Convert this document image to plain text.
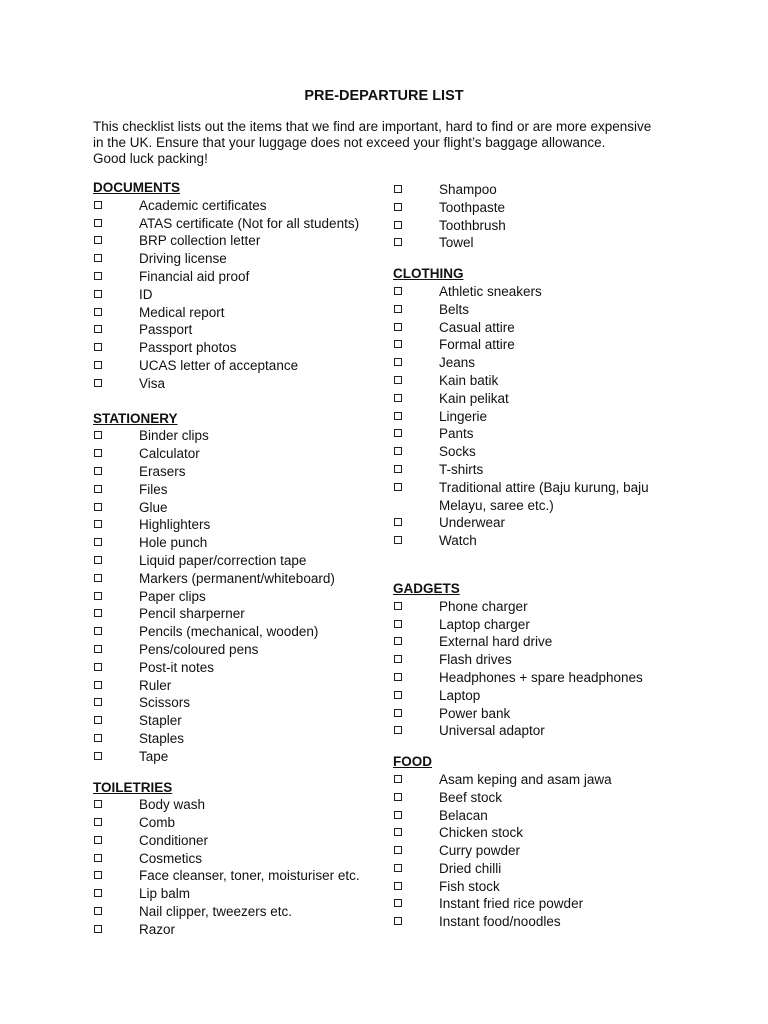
PRE-DEPARTURE LIST
This checklist lists out the items that we find are important, hard to find or are more expensive
in the UK. Ensure that your luggage does not exceed your flight’s baggage allowance.
Good luck packing!
DOCUMENTS
Academic certificates
ATAS certificate (Not for all students)
BRP collection letter
Driving license
Financial aid proof
ID
Medical report
Passport
Passport photos
UCAS letter of acceptance
Visa
STATIONERY
Binder clips
Calculator
Erasers
Files
Glue
Highlighters
Hole punch
Liquid paper/correction tape
Markers (permanent/whiteboard)
Paper clips
Pencil sharperner
Pencils (mechanical, wooden)
Pens/coloured pens
Post-it notes
Ruler
Scissors
Stapler
Staples
Tape
TOILETRIES
Body wash
Comb
Conditioner
Cosmetics
Face cleanser, toner, moisturiser etc.
Lip balm
Nail clipper, tweezers etc.
Razor
Shampoo
Toothpaste
Toothbrush
Towel
CLOTHING
Athletic sneakers
Belts
Casual attire
Formal attire
Jeans
Kain batik
Kain pelikat
Lingerie
Pants
Socks
T-shirts
Traditional attire (Baju kurung, baju Melayu, saree etc.)
Underwear
Watch
GADGETS
Phone charger
Laptop charger
External hard drive
Flash drives
Headphones + spare headphones
Laptop
Power bank
Universal adaptor
FOOD
Asam keping and asam jawa
Beef stock
Belacan
Chicken stock
Curry powder
Dried chilli
Fish stock
Instant fried rice powder
Instant food/noodles
